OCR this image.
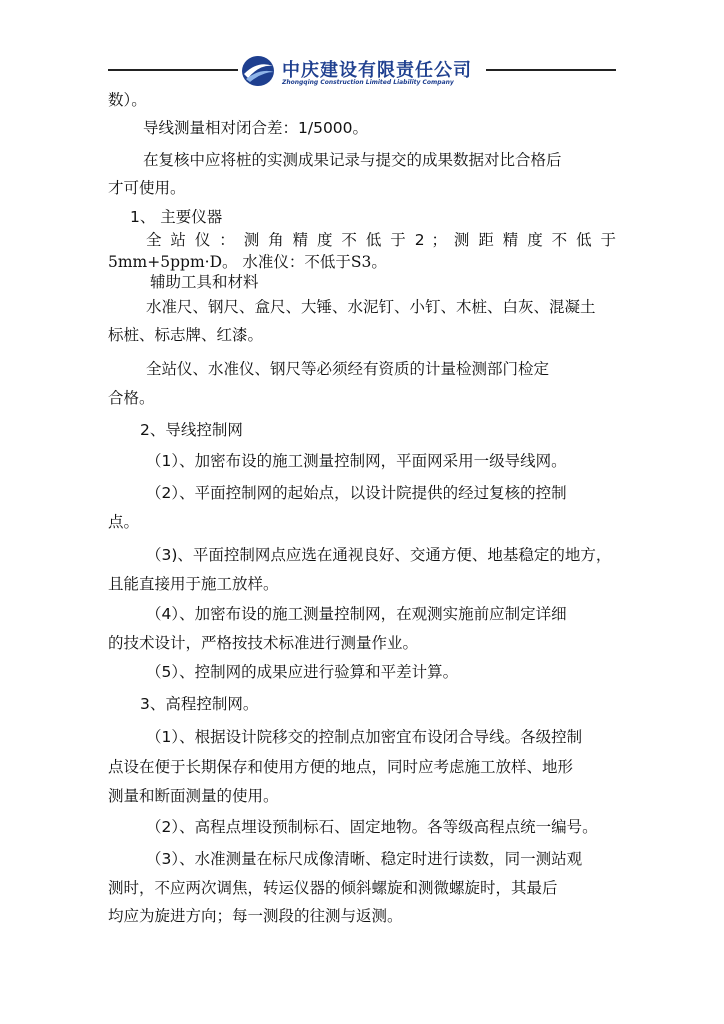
中庆建设有限责任公司
Zhongqing Construction Limited Liability Company
数）。
导线测量相对闭合差：1/5000。
在复核中应将桩的实测成果记录与提交的成果数据对比合格后
才可使用。
1、 主要仪器
全 站 仪 ： 测 角 精 度 不 低 于 2 ； 测 距 精 度 不 低 于
5mm+5ppm·D。 水准仪：不低于S3。
辅助工具和材料
水准尺、钢尺、盒尺、大锤、水泥钉、小钉、木桩、白灰、混凝土
标桩、标志牌、红漆。
全站仪、水准仪、钢尺等必须经有资质的计量检测部门检定
合格。
2、导线控制网
（1）、加密布设的施工测量控制网，平面网采用一级导线网。
（2）、平面控制网的起始点，以设计院提供的经过复核的控制
点。
（3)、平面控制网点应选在通视良好、交通方便、地基稳定的地方，
且能直接用于施工放样。
（4）、加密布设的施工测量控制网，在观测实施前应制定详细
的技术设计，严格按技术标准进行测量作业。
（5）、控制网的成果应进行验算和平差计算。
3、高程控制网。
（1）、根据设计院移交的控制点加密宜布设闭合导线。各级控制
点设在便于长期保存和使用方便的地点，同时应考虑施工放样、地形
测量和断面测量的使用。
（2）、高程点埋设预制标石、固定地物。各等级高程点统一编号。
（3）、水准测量在标尺成像清晰、稳定时进行读数，同一测站观
测时，不应两次调焦，转运仪器的倾斜螺旋和测微螺旋时，其最后
均应为旋进方向；每一测段的往测与返测。
